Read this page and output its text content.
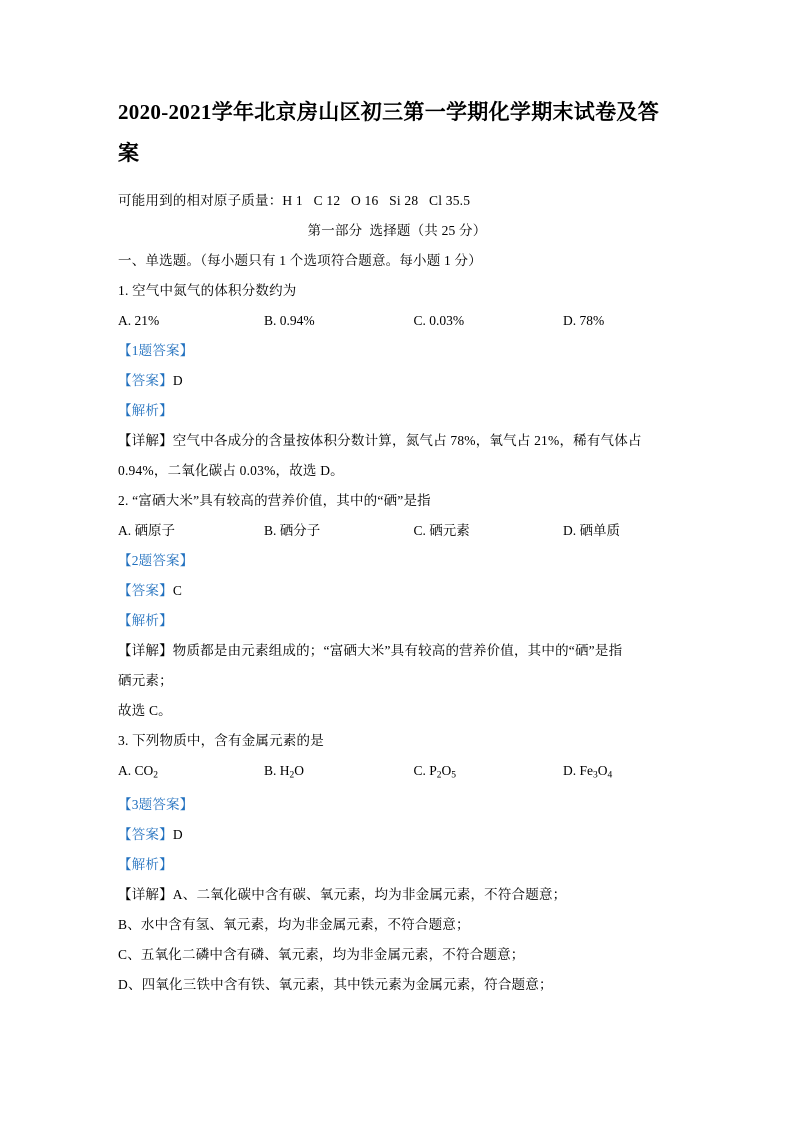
2020-2021学年北京房山区初三第一学期化学期末试卷及答案
可能用到的相对原子质量：H 1   C 12   O 16   Si 28   Cl 35.5
第一部分  选择题（共 25 分）
一、单选题。（每小题只有 1 个选项符合题意。每小题 1 分）
1. 空气中氮气的体积分数约为
A. 21%	B. 0.94%	C. 0.03%	D. 78%
【1题答案】
【答案】D
【解析】
【详解】空气中各成分的含量按体积分数计算，氮气占 78%，氧气占 21%，稀有气体占
0.94%，二氧化碳占 0.03%，故选 D。
2. “富硒大米”具有较高的营养价值，其中的“硒”是指
A. 硒原子	B. 硒分子	C. 硒元素	D. 硒单质
【2题答案】
【答案】C
【解析】
【详解】物质都是由元素组成的；“富硒大米”具有较高的营养价值，其中的“硒”是指
硒元素；
故选 C。
3. 下列物质中，含有金属元素的是
A. $CO_2$	B. $H_2O$	C. $P_2O_5$	D. $Fe_3O_4$
【3题答案】
【答案】D
【解析】
【详解】A、二氧化碳中含有碳、氧元素，均为非金属元素，不符合题意；
B、水中含有氢、氧元素，均为非金属元素，不符合题意；
C、五氧化二磷中含有磷、氧元素，均为非金属元素，不符合题意；
D、四氧化三铁中含有铁、氧元素，其中铁元素为金属元素，符合题意；
